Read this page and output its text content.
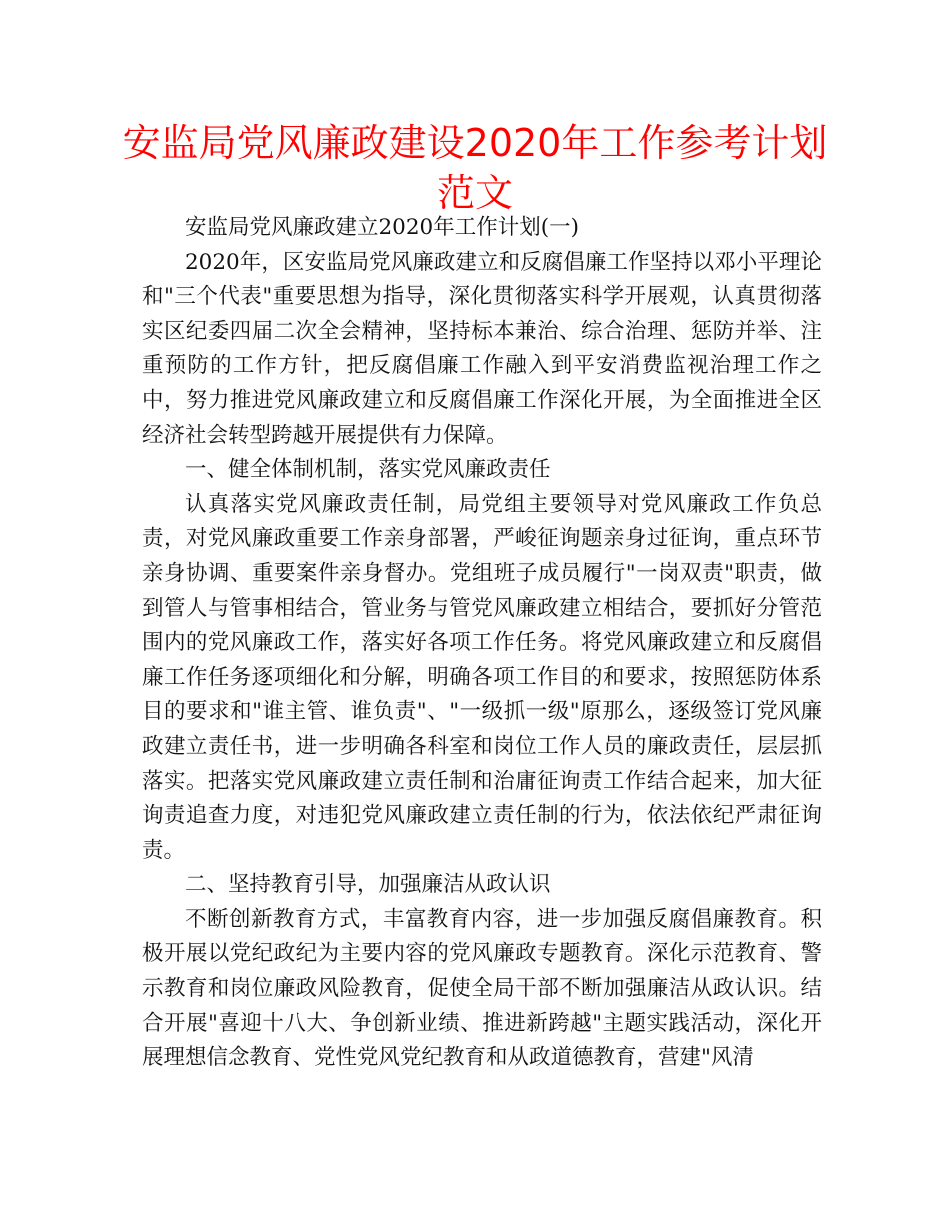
安监局党风廉政建设2020年工作参考计划范文

安监局党风廉政建立2020年工作计划(一)

2020年，区安监局党风廉政建立和反腐倡廉工作坚持以邓小平理论和"三个代表"重要思想为指导，深化贯彻落实科学开展观，认真贯彻落实区纪委四届二次全会精神，坚持标本兼治、综合治理、惩防并举、注重预防的工作方针，把反腐倡廉工作融入到平安消费监视治理工作之中，努力推进党风廉政建立和反腐倡廉工作深化开展，为全面推进全区经济社会转型跨越开展提供有力保障。

一、健全体制机制，落实党风廉政责任

认真落实党风廉政责任制，局党组主要领导对党风廉政工作负总责，对党风廉政重要工作亲身部署，严峻征询题亲身过征询，重点环节亲身协调、重要案件亲身督办。党组班子成员履行"一岗双责"职责，做到管人与管事相结合，管业务与管党风廉政建立相结合，要抓好分管范围内的党风廉政工作，落实好各项工作任务。将党风廉政建立和反腐倡廉工作任务逐项细化和分解，明确各项工作目的和要求，按照惩防体系目的要求和"谁主管、谁负责"、"一级抓一级"原那么，逐级签订党风廉政建立责任书，进一步明确各科室和岗位工作人员的廉政责任，层层抓落实。把落实党风廉政建立责任制和治庸征询责工作结合起来，加大征询责追查力度，对违犯党风廉政建立责任制的行为，依法依纪严肃征询责。

二、坚持教育引导，加强廉洁从政认识

不断创新教育方式，丰富教育内容，进一步加强反腐倡廉教育。积极开展以党纪政纪为主要内容的党风廉政专题教育。深化示范教育、警示教育和岗位廉政风险教育，促使全局干部不断加强廉洁从政认识。结合开展"喜迎十八大、争创新业绩、推进新跨越"主题实践活动，深化开展理想信念教育、党性党风党纪教育和从政道德教育，营建"风清
